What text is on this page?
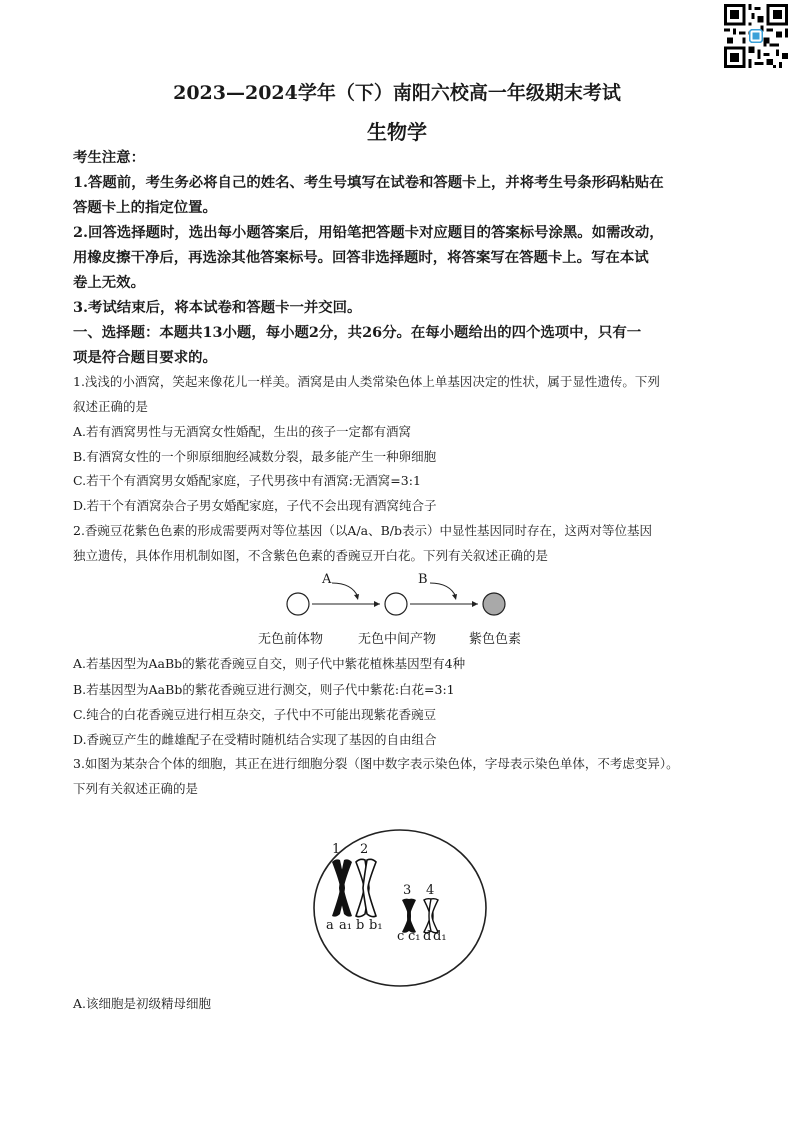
2023—2024学年（下）南阳六校高一年级期末考试
生物学
考生注意：
1.答题前，考生务必将自己的姓名、考生号填写在试卷和答题卡上，并将考生号条形码粘贴在
答题卡上的指定位置。
2.回答选择题时，选出每小题答案后，用铅笔把答题卡对应题目的答案标号涂黑。如需改动，
用橡皮擦干净后，再选涂其他答案标号。回答非选择题时，将答案写在答题卡上。写在本试
卷上无效。
3.考试结束后，将本试卷和答题卡一并交回。
一、选择题：本题共13小题，每小题2分，共26分。在每小题给出的四个选项中，只有一
项是符合题目要求的。
1.浅浅的小酒窝，笑起来像花儿一样美。酒窝是由人类常染色体上单基因决定的性状，属于显性遗传。下列
叙述正确的是
A.若有酒窝男性与无酒窝女性婚配，生出的孩子一定都有酒窝
B.有酒窝女性的一个卵原细胞经减数分裂，最多能产生一种卵细胞
C.若干个有酒窝男女婚配家庭，子代男孩中有酒窝:无酒窝=3:1
D.若干个有酒窝杂合子男女婚配家庭，子代不会出现有酒窝纯合子
2.香豌豆花紫色色素的形成需要两对等位基因（以A/a、B/b表示）中显性基因同时存在，这两对等位基因
独立遗传，具体作用机制如图，不含紫色色素的香豌豆开白花。下列有关叙述正确的是
A	B
无色前体物	无色中间产物	紫色色素
A.若基因型为AaBb的紫花香豌豆自交，则子代中紫花植株基因型有4种
B.若基因型为AaBb的紫花香豌豆进行测交，则子代中紫花:白花=3:1
C.纯合的白花香豌豆进行相互杂交，子代中不可能出现紫花香豌豆
D.香豌豆产生的雌雄配子在受精时随机结合实现了基因的自由组合
3.如图为某杂合个体的细胞，其正在进行细胞分裂（图中数字表示染色体，字母表示染色单体，不考虑变异）。
下列有关叙述正确的是
1 2
3 4
a a₁ b b₁
c c₁ d d₁
A.该细胞是初级精母细胞
